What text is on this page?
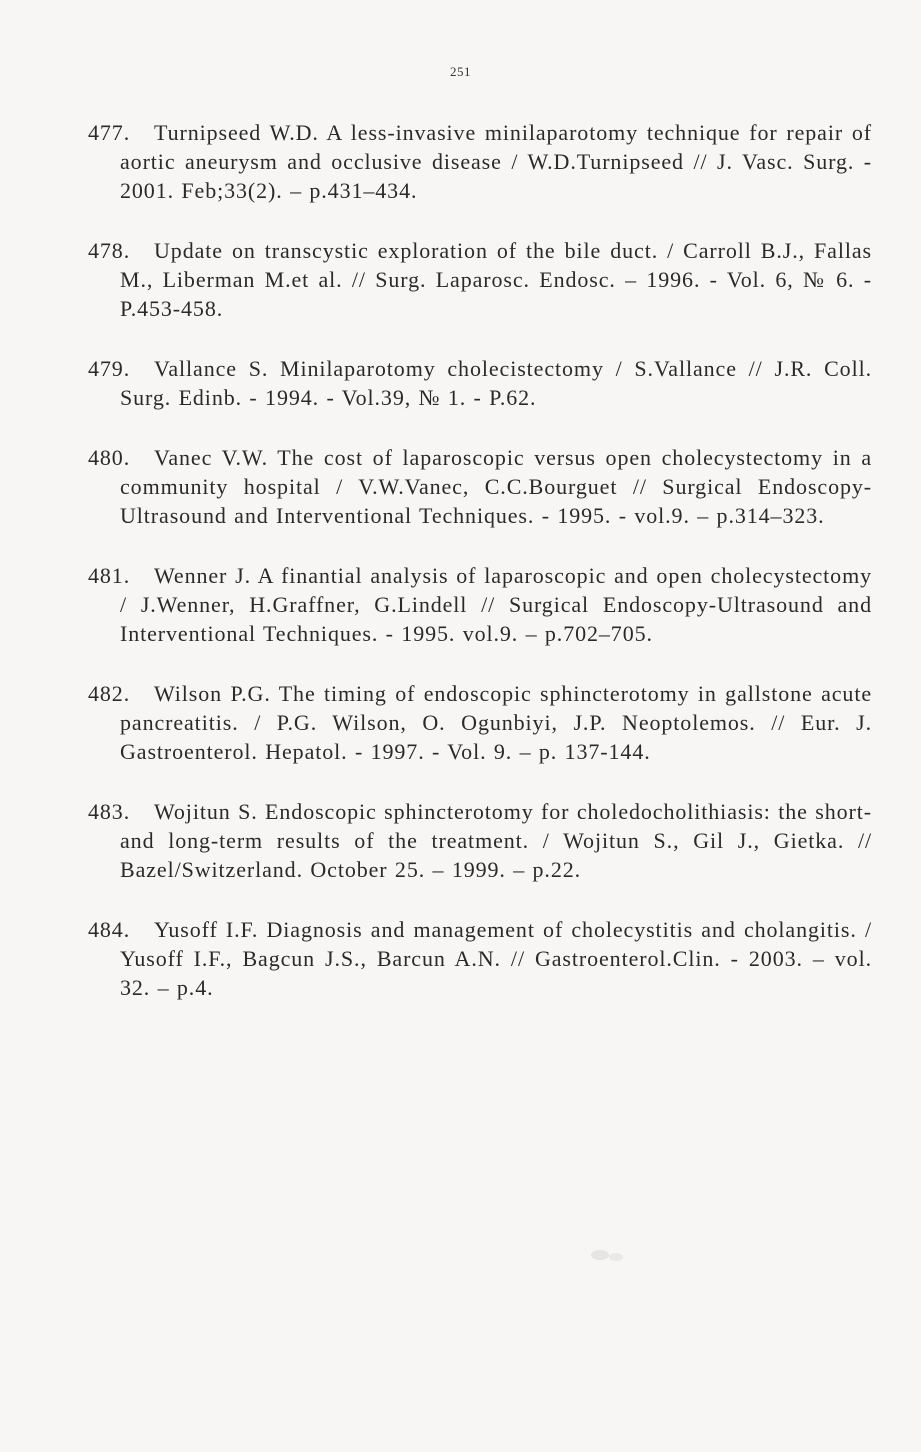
251
477. Turnipseed W.D. A less-invasive minilaparotomy technique for repair of aortic aneurysm and occlusive disease / W.D.Turnipseed // J. Vasc. Surg. - 2001. Feb;33(2). – p.431–434.
478. Update on transcystic exploration of the bile duct. / Carroll B.J., Fallas M., Liberman M.et al. // Surg. Laparosc. Endosc. – 1996. - Vol. 6, № 6. - P.453-458.
479. Vallance S. Minilaparotomy cholecistectomy / S.Vallance // J.R. Coll. Surg. Edinb. - 1994. - Vol.39, № 1. - P.62.
480. Vanec V.W. The cost of laparoscopic versus open cholecystectomy in a community hospital / V.W.Vanec, C.C.Bourguet // Surgical Endoscopy-Ultrasound and Interventional Techniques. - 1995. - vol.9. – p.314–323.
481. Wenner J. A finantial analysis of laparoscopic and open cholecystectomy / J.Wenner, H.Graffner, G.Lindell // Surgical Endoscopy-Ultrasound and Interventional Techniques. - 1995. vol.9. – p.702–705.
482. Wilson P.G. The timing of endoscopic sphincterotomy in gallstone acute pancreatitis. / P.G. Wilson, O. Ogunbiyi, J.P. Neoptolemos. // Eur. J. Gastroenterol. Hepatol. - 1997. - Vol. 9. – p. 137-144.
483. Wojitun S. Endoscopic sphincterotomy for choledocholithiasis: the short- and long-term results of the treatment. / Wojitun S., Gil J., Gietka. // Bazel/Switzerland. October 25. – 1999. – p.22.
484. Yusoff I.F. Diagnosis and management of cholecystitis and cholangitis. / Yusoff I.F., Bagcun J.S., Barcun A.N. // Gastroenterol.Clin. - 2003. – vol. 32. – p.4.
